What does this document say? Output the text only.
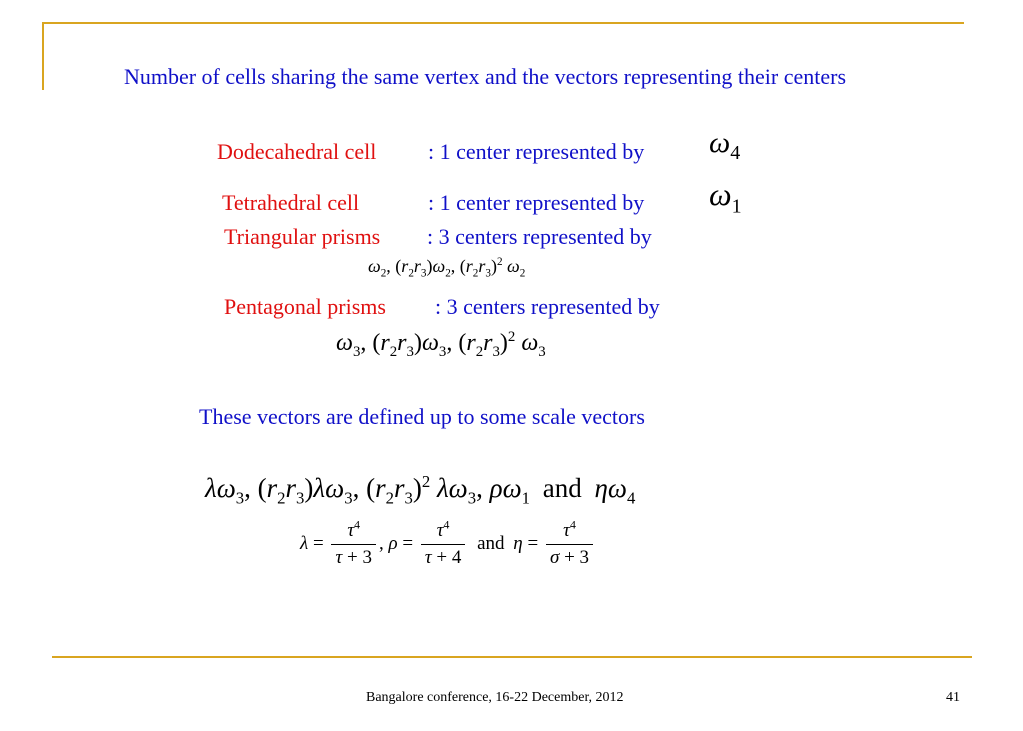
Number of cells sharing the same vertex and the vectors representing their centers
Dodecahedral cell : 1 center represented by $\omega_4$
Tetrahedral cell	: 1 center represented by $\omega_1$
Triangular prisms : 3 centers represented by
$\omega_2$, $(r_2r_3)\omega_2$, $(r_2r_3)^2$ $\omega_2$
Pentagonal prisms : 3 centers represented by
$\omega_3$, $(r_2r_3)\omega_3$, $(r_2r_3)^2$ $\omega_3$
These vectors are defined up to some scale vectors
$\lambda\omega_3$, $(r_2r_3)\lambda\omega_3$, $(r_2r_3)^2$ $\lambda\omega_3$, $\rho\omega_1$ and $\eta\omega_4$
$\lambda = \frac{\tau^4}{\tau + 3}$ , $\rho = \frac{\tau^4}{\tau + 4}$ and $\eta = \frac{\tau^4}{\sigma + 3}$
Bangalore conference, 16-22 December, 2012	41
